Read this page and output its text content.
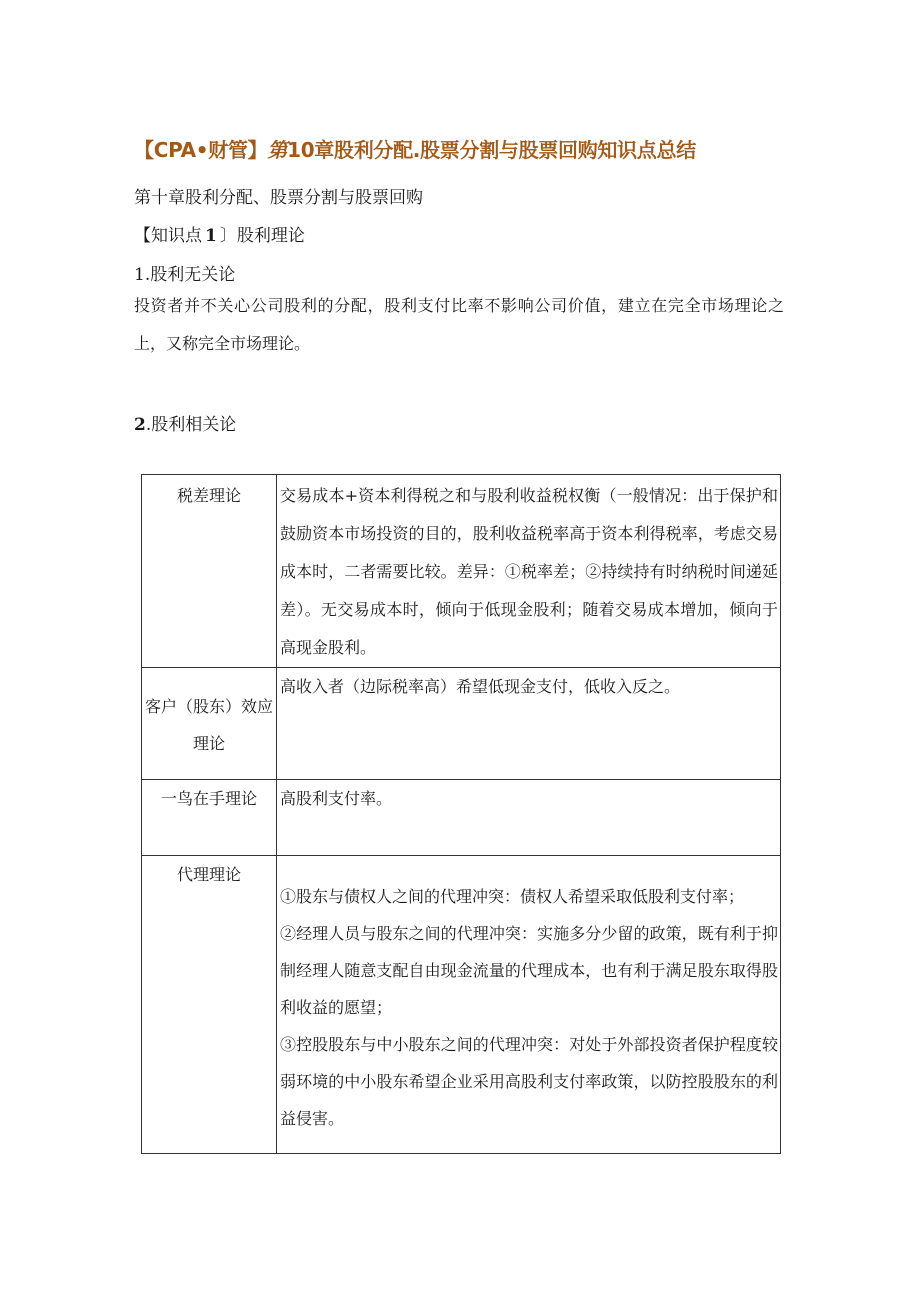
【CPA•财管】第10章股利分配.股票分割与股票回购知识点总结
第十章股利分配、股票分割与股票回购
【知识点 1 〕股利理论
1.股利无关论
投资者并不关心公司股利的分配，股利支付比率不影响公司价值，建立在完全市场理论之上，又称完全市场理论。
2.股利相关论
税差理论	交易成本+资本利得税之和与股利收益税权衡（一般情况：出于保护和鼓励资本市场投资的目的，股利收益税率高于资本利得税率，考虑交易成本时，二者需要比较。差异：①税率差；②持续持有时纳税时间递延差）。无交易成本时，倾向于低现金股利；随着交易成本增加，倾向于高现金股利。

客户（股东）效应理论	高收入者（边际税率高）希望低现金支付，低收入反之。

一鸟在手理论	高股利支付率。

代理理论	①股东与债权人之间的代理冲突：债权人希望采取低股利支付率；
②经理人员与股东之间的代理冲突：实施多分少留的政策，既有利于抑制经理人随意支配自由现金流量的代理成本，也有利于满足股东取得股利收益的愿望；
③控股股东与中小股东之间的代理冲突：对处于外部投资者保护程度较弱环境的中小股东希望企业采用高股利支付率政策，以防控股股东的利益侵害。
